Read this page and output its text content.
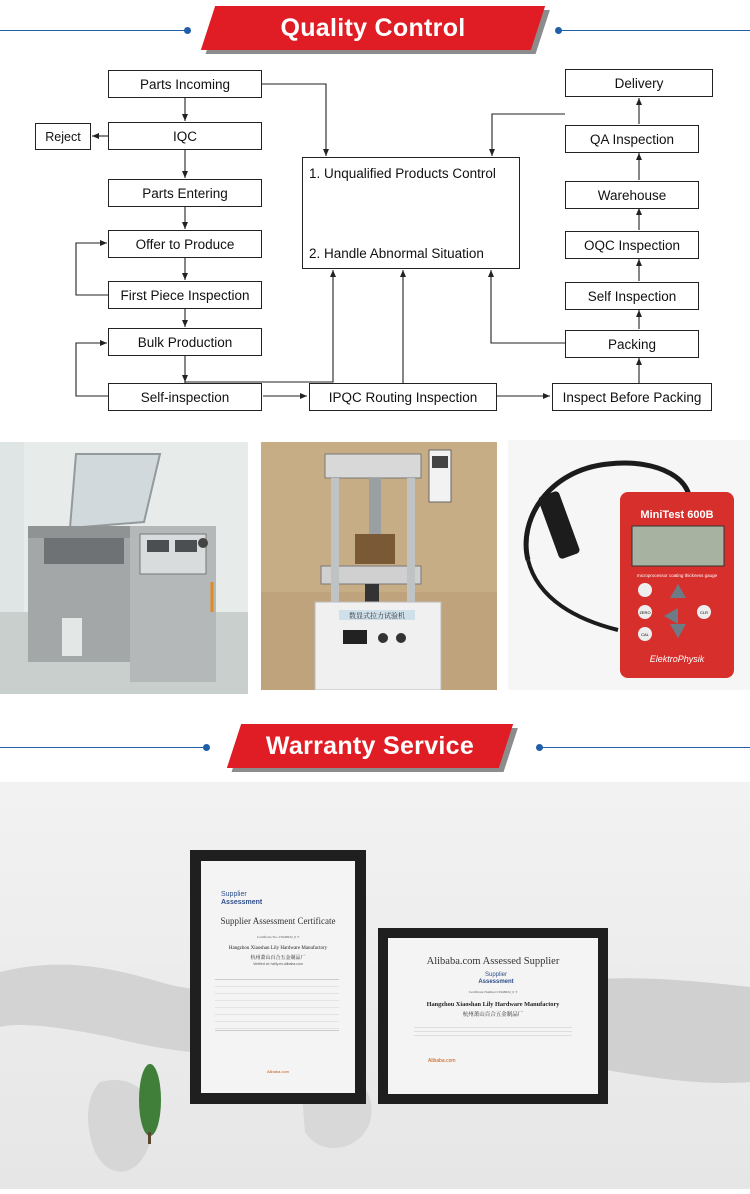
Quality Control
Parts Incoming
Reject	IQC
Parts Entering
Offer to Produce
First Piece Inspection
Bulk Production
Self-inspection
1. Unqualified Products Control
2. Handle Abnormal Situation
IPQC Routing Inspection
Delivery
QA Inspection
Warehouse
OQC Inspection
Self Inspection
Packing
Inspect Before Packing
数显式拉力试验机
MiniTest 600B
microprocessor coating thickness gauge
ZERO
CAL
CLR
ElektroPhysik
Warranty Service
Supplier
Assessment
Supplier Assessment Certificate
Certificate No.:15946932_0 T
Hangzhou Xiaoshan Lily Hardware Manufactory
杭州萧山百合五金制品厂
Verified at: hzlily.en.alibaba.com
Alibaba.com
Alibaba.com Assessed Supplier
Supplier
Assessment
Certificate Number:15946932_0 T
Hangzhou Xiaoshan Lily Hardware Manufactory
杭州萧山百合五金制品厂
Alibaba.com
